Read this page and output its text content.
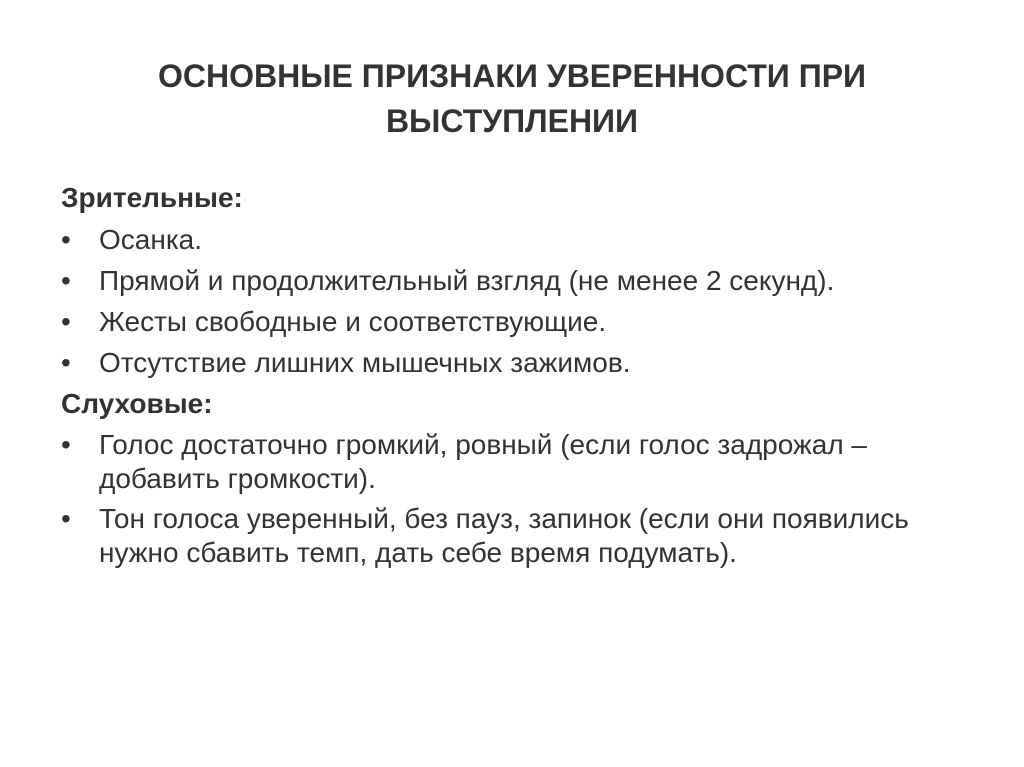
ОСНОВНЫЕ ПРИЗНАКИ УВЕРЕННОСТИ ПРИ
ВЫСТУПЛЕНИИ

Зрительные:

•	Осанка.
•	Прямой и продолжительный взгляд (не менее 2 секунд).
•	Жесты свободные и соответствующие.
•	Отсутствие лишних мышечных зажимов.

Слуховые:

•	Голос достаточно громкий, ровный (если голос задрожал – добавить громкости).
•	Тон голоса уверенный, без пауз, запинок (если они появились нужно сбавить темп, дать себе время подумать).
